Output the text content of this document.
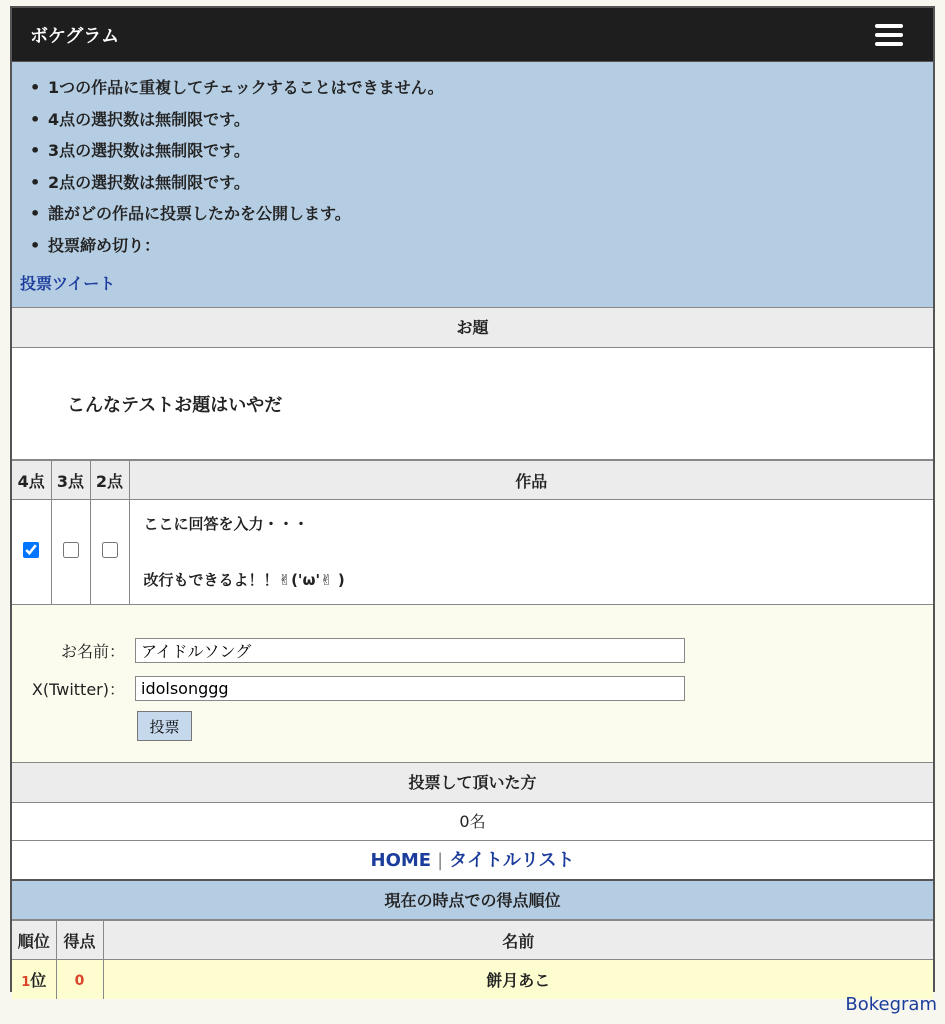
ボケグラム
• 1つの作品に重複してチェックすることはできません。
• 4点の選択数は無制限です。
• 3点の選択数は無制限です。
• 2点の選択数は無制限です。
• 誰がどの作品に投票したかを公開します。
• 投票締め切り：
投票ツイート
お題
こんなテストお題はいやだ
4点	3点	2点	作品

ここに回答を入力・・・
改行もできるよ！！✌('ω'✌ )
お名前：
アイドルソング
X(Twitter)：
idolsonggg
投票
投票して頂いた方
0名
HOME | タイトルリスト
現在の時点での得点順位
順位	得点	名前
1位	0	餅月あこ
Bokegram
